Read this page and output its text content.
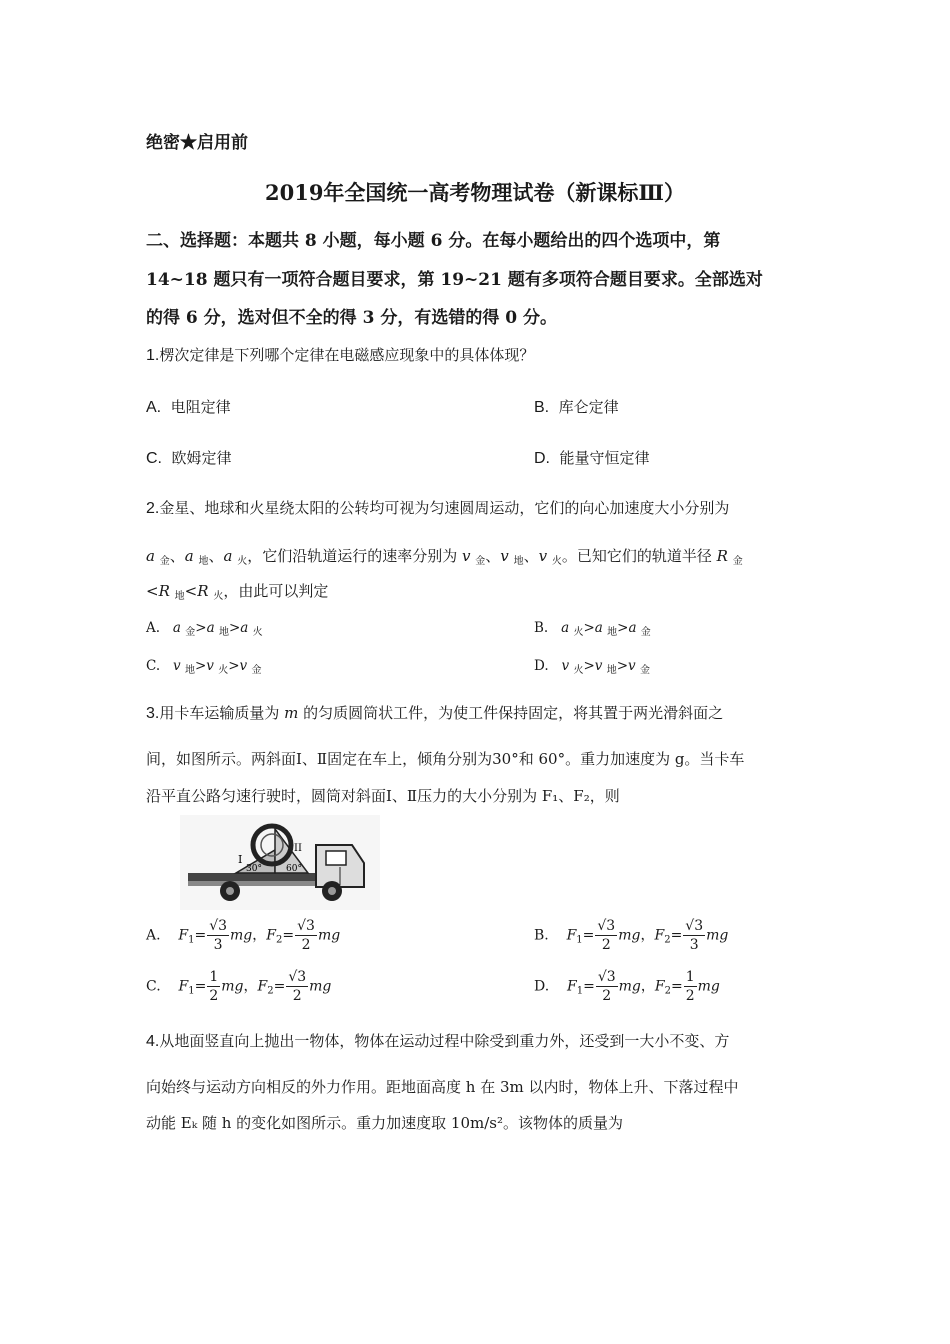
绝密★启用前
2019年全国统一高考物理试卷（新课标Ⅲ）
二、选择题：本题共 8 小题，每小题 6 分。在每小题给出的四个选项中，第
14~18 题只有一项符合题目要求，第 19~21 题有多项符合题目要求。全部选对
的得 6 分，选对但不全的得 3 分，有选错的得 0 分。
1.楞次定律是下列哪个定律在电磁感应现象中的具体体现？
A. 电阻定律	B. 库仑定律
C. 欧姆定律	D. 能量守恒定律
2.金星、地球和火星绕太阳的公转均可视为匀速圆周运动，它们的向心加速度大小分别为
a $_金$、a $_地$、a $_火$，它们沿轨道运行的速率分别为 v $_金$、v $_地$、v $_火$。已知它们的轨道半径 R $_金$
<R $_地$<R $_火$，由此可以判定
A. a $_金$>a $_地$>a $_火$	B. a $_火$>a $_地$>a $_金$
C. v $_地$>v $_火$>v $_金$	D. v $_火$>v $_地$>v $_金$
3.用卡车运输质量为 m 的匀质圆筒状工件，为使工件保持固定，将其置于两光滑斜面之
间，如图所示。两斜面Ⅰ、Ⅱ固定在车上，倾角分别为30°和 60°。重力加速度为 g。当卡车
沿平直公路匀速行驶时，圆筒对斜面Ⅰ、Ⅱ压力的大小分别为 F₁、F₂，则
I
II
30°	60°
A. $F_1= \frac{√3}{3}$ mg，$F_2= \frac{√3}{2}$ mg	B. $F_1= \frac{√3}{2}$ mg，$F_2= \frac{√3}{3}$ mg
C. $F_1= \frac{1}{2}$ mg，$F_2= \frac{√3}{2}$ mg	D. $F_1= \frac{√3}{2}$ mg，$F_2= \frac{1}{2}$ mg
4.从地面竖直向上抛出一物体，物体在运动过程中除受到重力外，还受到一大小不变、方
向始终与运动方向相反的外力作用。距地面高度 h 在 3m 以内时，物体上升、下落过程中
动能 Eₖ 随 h 的变化如图所示。重力加速度取 10m/s²。该物体的质量为
